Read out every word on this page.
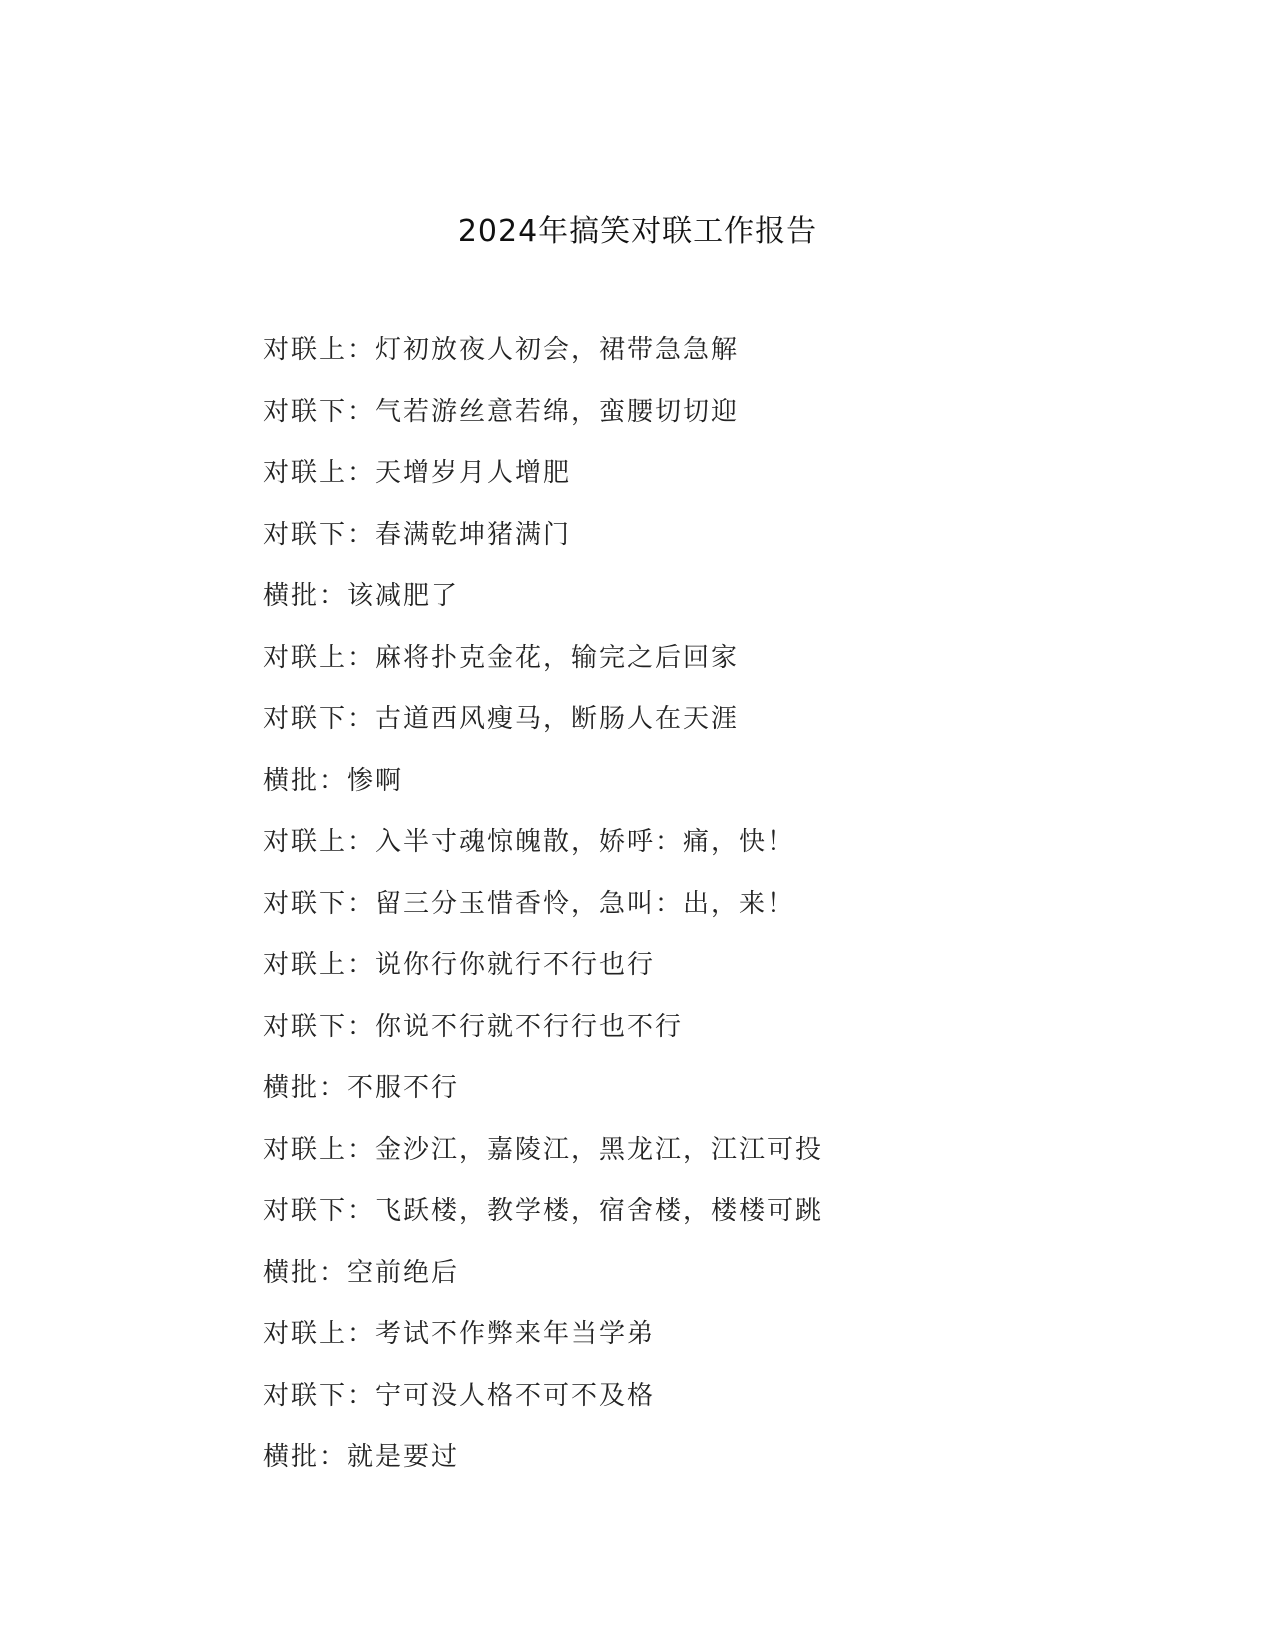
2024年搞笑对联工作报告
对联上：灯初放夜人初会，裙带急急解
对联下：气若游丝意若绵，蛮腰切切迎
对联上：天增岁月人增肥
对联下：春满乾坤猪满门
横批：该减肥了
对联上：麻将扑克金花，输完之后回家
对联下：古道西风瘦马，断肠人在天涯
横批：惨啊
对联上：入半寸魂惊魄散，娇呼：痛，快！
对联下：留三分玉惜香怜，急叫：出，来！
对联上：说你行你就行不行也行
对联下：你说不行就不行行也不行
横批：不服不行
对联上：金沙江，嘉陵江，黑龙江，江江可投
对联下：飞跃楼，教学楼，宿舍楼，楼楼可跳
横批：空前绝后
对联上：考试不作弊来年当学弟
对联下：宁可没人格不可不及格
横批：就是要过
